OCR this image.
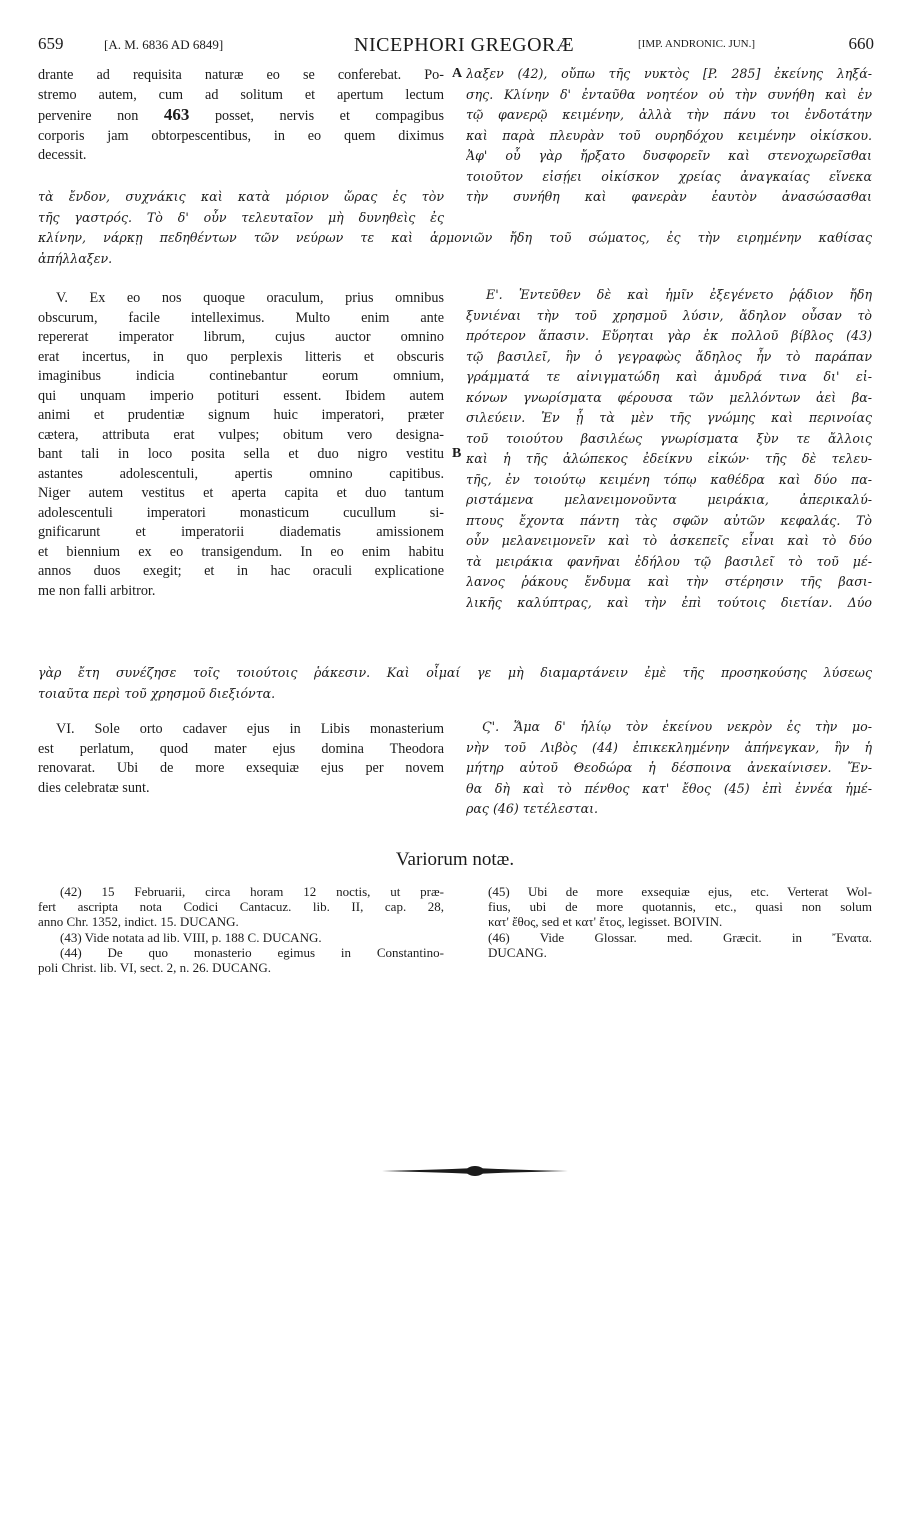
659	[A. M. 6836 AD 6849]	NICEPHORI GREGORÆ	[IMP. ANDRONIC. JUN.]	660
A
B
drante ad requisita naturæ eo se conferebat. Po-
stremo autem, cum ad solitum et apertum lectum
pervenire non 463 posset, nervis et compagibus
corporis jam obtorpescentibus, in eo quem diximus
decessit.
λαξεν (42), οὔπω τῆς νυκτὸς [P. 285] ἐκείνης ληξά-
σης. Κλίνην δ' ἐνταῦθα νοητέον οὐ τὴν συνήθη καὶ ἐν
τῷ φανερῷ κειμένην, ἀλλὰ τὴν πάνυ τοι ἐνδοτάτην
καὶ παρὰ πλευρὰν τοῦ ουρηδόχου κειμένην οἰκίσκου.
Ἀφ' οὗ γὰρ ἤρξατο δυσφορεῖν καὶ στενοχωρεῖσθαι
τοιοῦτον εἰσῄει οἰκίσκον χρείας ἀναγκαίας εἵνεκα
τὴν συνήθη καὶ φανερὰν ἑαυτὸν ἀνασώσασθαι
τὰ ἔνδον, συχνάκις καὶ κατὰ μόριον ὥρας ἐς τὸν
τῆς γαστρός. Τὸ δ' οὖν τελευταῖον μὴ δυνηθεὶς ἐς
κλίνην, νάρκῃ πεδηθέντων τῶν νεύρων τε καὶ ἁρμονιῶν ἤδη τοῦ σώματος, ἐς τὴν ειρημένην καθίσας
ἀπήλλαξεν.
V. Ex eo nos quoque oraculum, prius omnibus
obscurum, facile intelleximus. Multo enim ante
repererat imperator librum, cujus auctor omnino
erat incertus, in quo perplexis litteris et obscuris
imaginibus indicia continebantur eorum omnium,
qui unquam imperio potituri essent. Ibidem autem
animi et prudentiæ signum huic imperatori, præter
cætera, attributa erat vulpes; obitum vero designa-
bant tali in loco posita sella et duo nigro vestitu
astantes adolescentuli, apertis omnino capitibus.
Niger autem vestitus et aperta capita et duo tantum
adolescentuli imperatori monasticum cucullum si-
gnificarunt et imperatorii diadematis amissionem
et biennium ex eo transigendum. In eo enim habitu
annos duos exegit; et in hac oraculi explicatione
me non falli arbitror.
Ε'. Ἐντεῦθεν δὲ καὶ ἡμῖν ἐξεγένετο ῥᾴδιον ἤδη
ξυνιέναι τὴν τοῦ χρησμοῦ λύσιν, ἄδηλον οὖσαν τὸ
πρότερον ἅπασιν. Εὕρηται γὰρ ἐκ πολλοῦ βίβλος (43)
τῷ βασιλεῖ, ἣν ὁ γεγραφὼς ἄδηλος ἦν τὸ παράπαν
γράμματά τε αἰνιγματώδη καὶ ἀμυδρά τινα δι' εἰ-
κόνων γνωρίσματα φέρουσα τῶν μελλόντων ἀεὶ βα-
σιλεύειν. Ἐν ᾗ τὰ μὲν τῆς γνώμης καὶ περινοίας
τοῦ τοιούτου βασιλέως γνωρίσματα ξὺν τε ἄλλοις
καὶ ἡ τῆς ἀλώπεκος ἐδείκνυ εἰκών· τῆς δὲ τελευ-
τῆς, ἐν τοιούτῳ κειμένη τόπῳ καθέδρα καὶ δύο πα-
ριστάμενα μελανειμονοῦντα μειράκια, ἀπερικαλύ-
πτους ἔχοντα πάντη τὰς σφῶν αὐτῶν κεφαλάς. Τὸ
οὖν μελανειμονεῖν καὶ τὸ ἀσκεπεῖς εἶναι καὶ τὸ δύο
τὰ μειράκια φανῆναι ἐδήλου τῷ βασιλεῖ τὸ τοῦ μέ-
λανος ῥάκους ἔνδυμα καὶ τὴν στέρησιν τῆς βασι-
λικῆς καλύπτρας, καὶ τὴν ἐπὶ τούτοις διετίαν. Δύο
γὰρ ἔτη συνέζησε τοῖς τοιούτοις ῥάκεσιν. Καὶ οἶμαί γε μὴ διαμαρτάνειν ἐμὲ τῆς προσηκούσης λύσεως
τοιαῦτα περὶ τοῦ χρησμοῦ διεξιόντα.
VI. Sole orto cadaver ejus in Libis monasterium
est perlatum, quod mater ejus domina Theodora
renovarat. Ubi de more exsequiæ ejus per novem
dies celebratæ sunt.
Ϛ'. Ἅμα δ' ἡλίῳ τὸν ἐκείνου νεκρὸν ἐς τὴν μο-
νὴν τοῦ Λιβὸς (44) ἐπικεκλημένην ἀπήνεγκαν, ἣν ἡ
μήτηρ αὐτοῦ Θεοδώρα ἡ δέσποινα ἀνεκαίνισεν. Ἔν-
θα δὴ καὶ τὸ πένθος κατ' ἔθος (45) ἐπὶ ἐννέα ἡμέ-
ρας (46) τετέλεσται.
Variorum notæ.
(42) 15 Februarii, circa horam 12 noctis, ut præ-
fert ascripta nota Codici Cantacuz. lib. II, cap. 28,
anno Chr. 1352, indict. 15. DUCANG.
(43) Vide notata ad lib. VIII, p. 188 C. DUCANG.
(44) De quo monasterio egimus in Constantino-
poli Christ. lib. VI, sect. 2, n. 26. DUCANG.
(45) Ubi de more exsequiæ ejus, etc. Verterat Wol-
fius, ubi de more quotannis, etc., quasi non solum
κατ' ἔθος, sed et κατ' ἔτος, legisset. BOIVIN.
(46) Vide Glossar. med. Græcit. in Ἔνατα.
DUCANG.
